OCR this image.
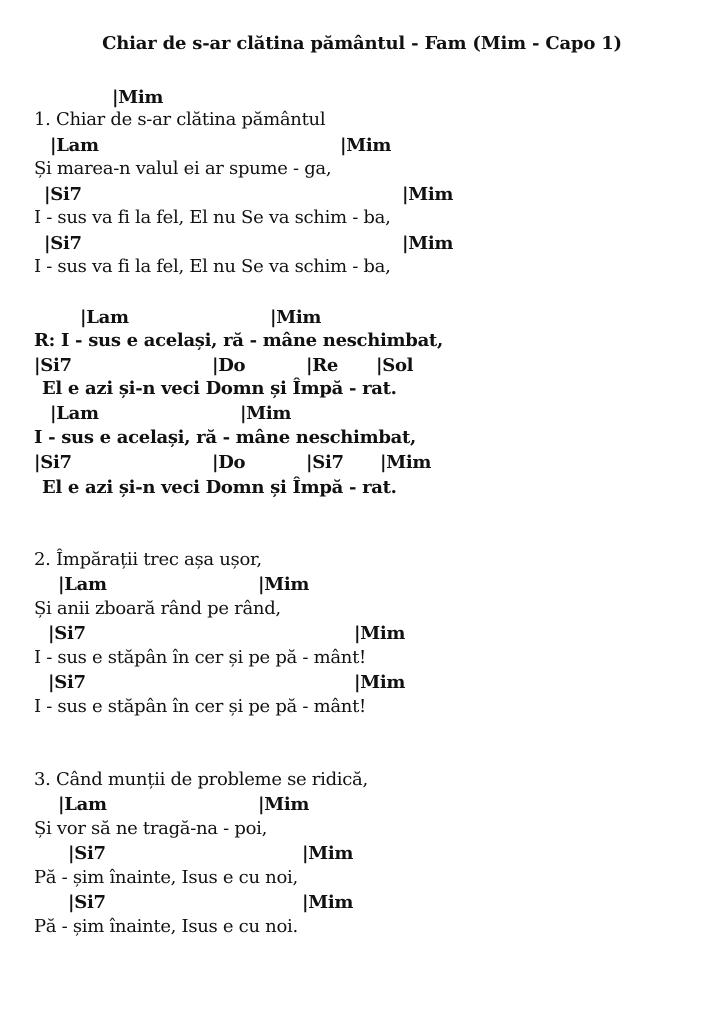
Chiar de s-ar clătina pământul - Fam (Mim - Capo 1)
|Mim
1. Chiar de s-ar clătina pământul
|Lam	|Mim
Și marea-n valul ei ar spume - ga,
|Si7	|Mim
I - sus va fi la fel, El nu Se va schim - ba,
|Si7	|Mim
I - sus va fi la fel, El nu Se va schim - ba,
|Lam	|Mim
R: I - sus e același, ră - mâne neschimbat,
|Si7	|Do	|Re |Sol
El e azi și-n veci Domn și Împă - rat.
|Lam	|Mim
I - sus e același, ră - mâne neschimbat,
|Si7	|Do	|Si7 |Mim
El e azi și-n veci Domn și Împă - rat.
2. Împărații trec așa ușor,
|Lam	|Mim
Și anii zboară rând pe rând,
|Si7	|Mim
I - sus e stăpân în cer și pe pă - mânt!
|Si7	|Mim
I - sus e stăpân în cer și pe pă - mânt!
3. Când munții de probleme se ridică,
|Lam	|Mim
Și vor să ne tragă-na - poi,
|Si7	|Mim
Pă - șim înainte, Isus e cu noi,
|Si7	|Mim
Pă - șim înainte, Isus e cu noi.
